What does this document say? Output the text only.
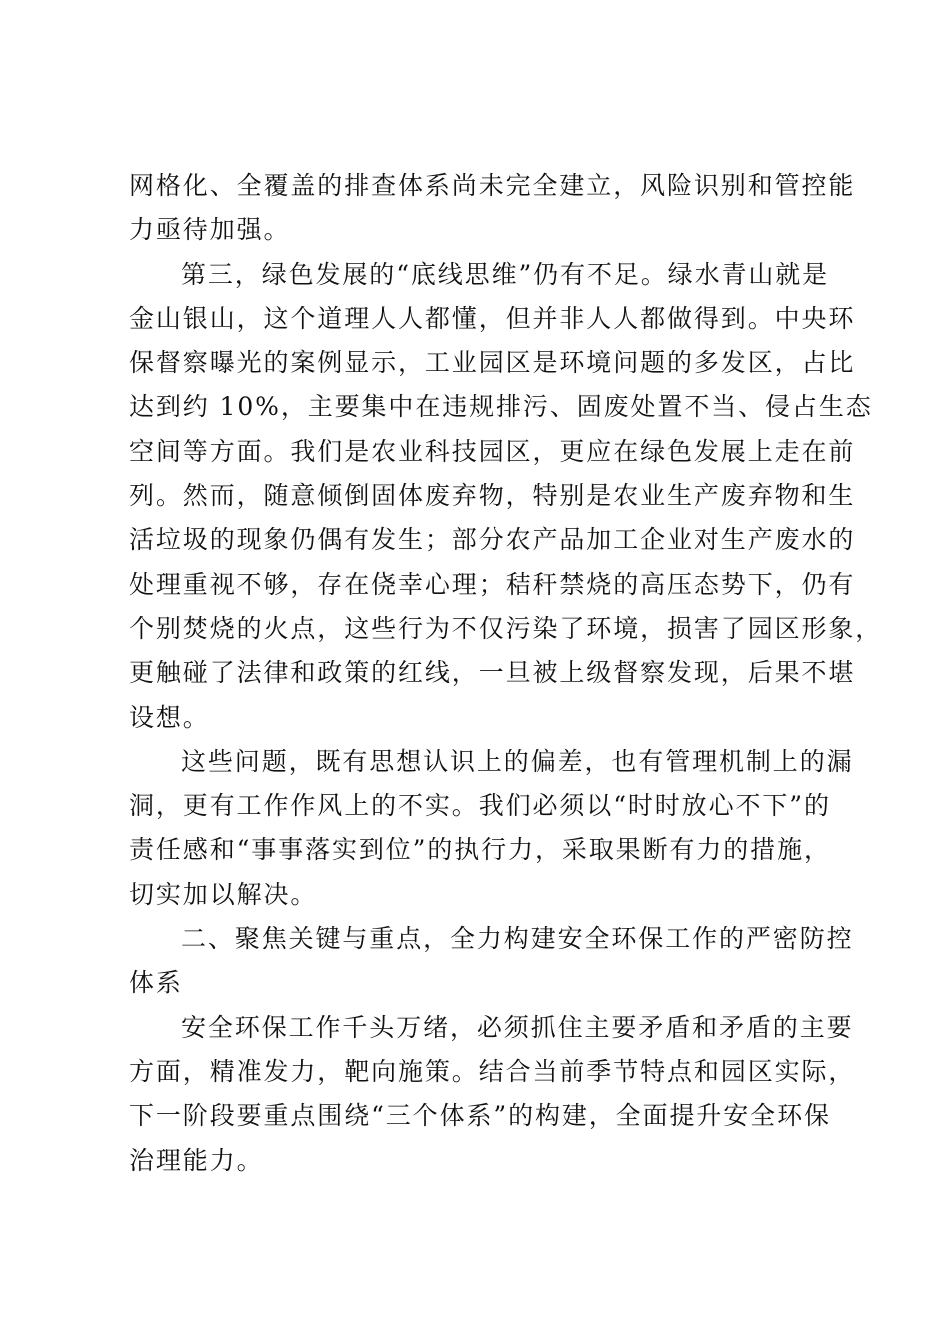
网格化、全覆盖的排查体系尚未完全建立，风险识别和管控能
力亟待加强。
第三，绿色发展的“底线思维”仍有不足。绿水青山就是
金山银山，这个道理人人都懂，但并非人人都做得到。中央环
保督察曝光的案例显示，工业园区是环境问题的多发区，占比
达到约 10%，主要集中在违规排污、固废处置不当、侵占生态
空间等方面。我们是农业科技园区，更应在绿色发展上走在前
列。然而，随意倾倒固体废弃物，特别是农业生产废弃物和生
活垃圾的现象仍偶有发生；部分农产品加工企业对生产废水的
处理重视不够，存在侥幸心理；秸秆禁烧的高压态势下，仍有
个别焚烧的火点，这些行为不仅污染了环境，损害了园区形象，
更触碰了法律和政策的红线，一旦被上级督察发现，后果不堪
设想。
这些问题，既有思想认识上的偏差，也有管理机制上的漏
洞，更有工作作风上的不实。我们必须以“时时放心不下”的
责任感和“事事落实到位”的执行力，采取果断有力的措施，
切实加以解决。
二、聚焦关键与重点，全力构建安全环保工作的严密防控
体系
安全环保工作千头万绪，必须抓住主要矛盾和矛盾的主要
方面，精准发力，靶向施策。结合当前季节特点和园区实际，
下一阶段要重点围绕“三个体系”的构建，全面提升安全环保
治理能力。
